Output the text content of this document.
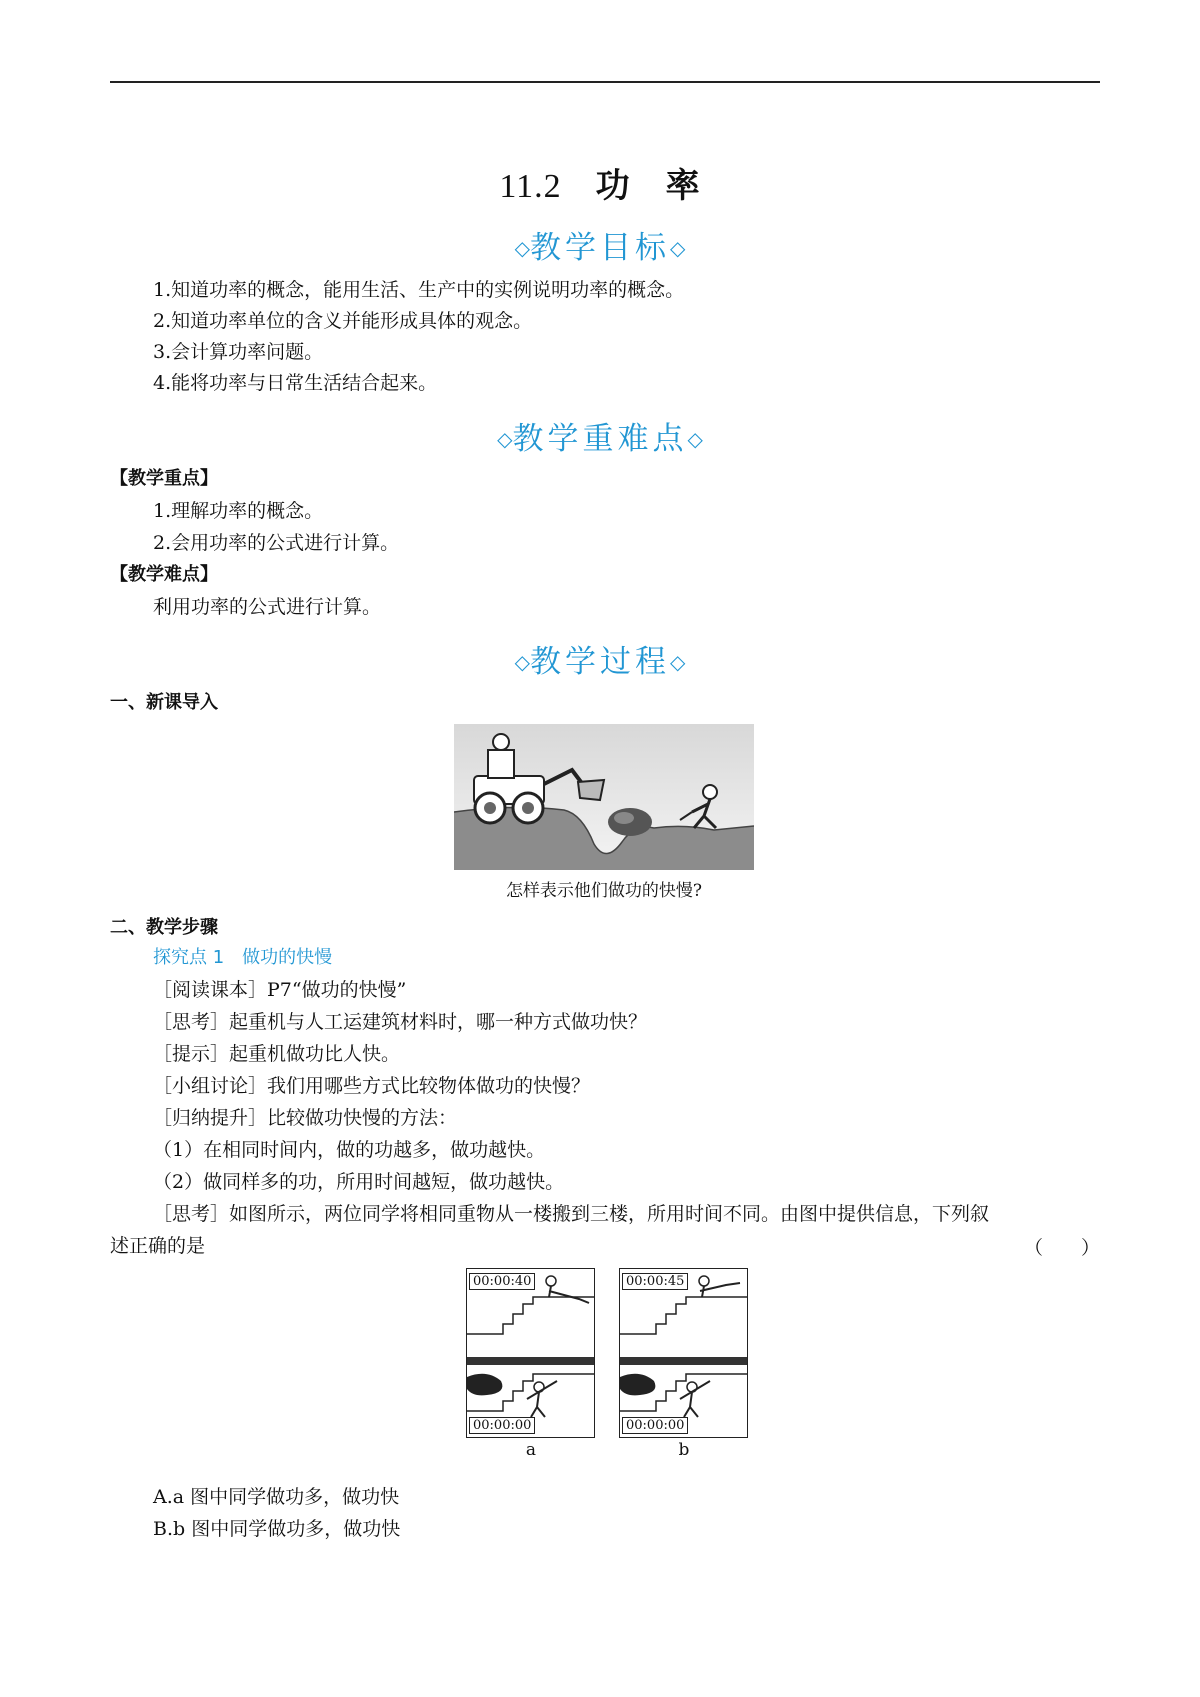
11.2 功　率
◇教学目标◇
1.知道功率的概念，能用生活、生产中的实例说明功率的概念。
2.知道功率单位的含义并能形成具体的观念。
3.会计算功率问题。
4.能将功率与日常生活结合起来。
◇教学重难点◇
【教学重点】
1.理解功率的概念。
2.会用功率的公式进行计算。
【教学难点】
利用功率的公式进行计算。
◇教学过程◇
一、新课导入
怎样表示他们做功的快慢?
二、教学步骤
探究点 1　做功的快慢
［阅读课本］P7“做功的快慢”
［思考］起重机与人工运建筑材料时，哪一种方式做功快？
［提示］起重机做功比人快。
［小组讨论］我们用哪些方式比较物体做功的快慢？
［归纳提升］比较做功快慢的方法：
（1）在相同时间内，做的功越多，做功越快。
（2）做同样多的功，所用时间越短，做功越快。
［思考］如图所示，两位同学将相同重物从一楼搬到三楼，所用时间不同。由图中提供信息，下列叙
述正确的是	（　　）
00:00:40
00:00:00
a
00:00:45
00:00:00
b
A.a 图中同学做功多，做功快
B.b 图中同学做功多，做功快
